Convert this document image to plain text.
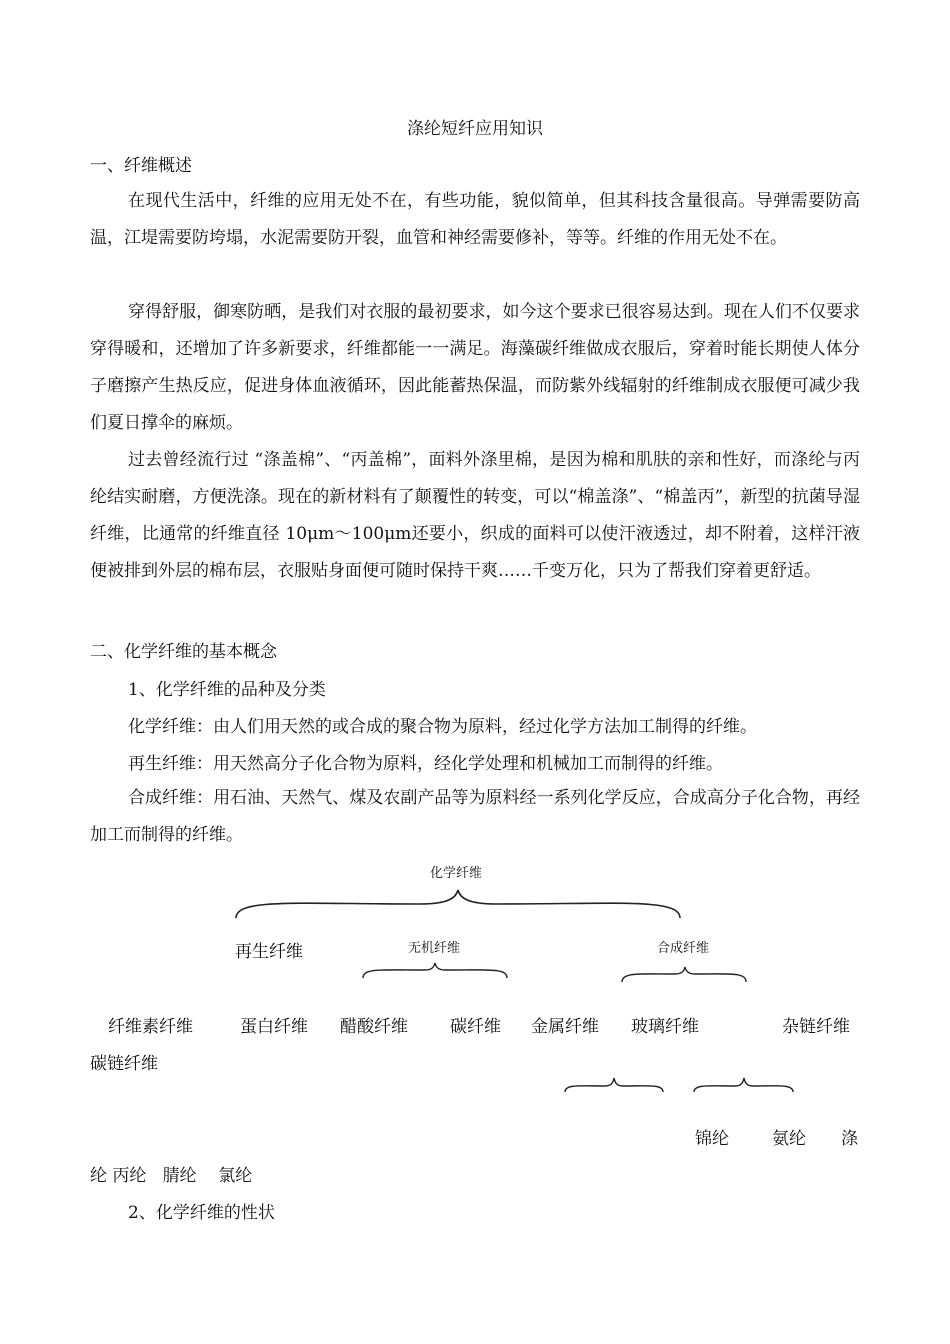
涤纶短纤应用知识
一、纤维概述

在现代生活中，纤维的应用无处不在，有些功能，貌似简单，但其科技含量很高。导弹需要防高温，江堤需要防垮塌，水泥需要防开裂，血管和神经需要修补，等等。纤维的作用无处不在。

穿得舒服，御寒防晒，是我们对衣服的最初要求，如今这个要求已很容易达到。现在人们不仅要求穿得暖和，还增加了许多新要求，纤维都能一一满足。海藻碳纤维做成衣服后，穿着时能长期使人体分子磨擦产生热反应，促进身体血液循环，因此能蓄热保温，而防紫外线辐射的纤维制成衣服便可减少我们夏日撑伞的麻烦。

过去曾经流行过 “涤盖棉”、“丙盖棉”，面料外涤里棉，是因为棉和肌肤的亲和性好，而涤纶与丙纶结实耐磨，方便洗涤。现在的新材料有了颠覆性的转变，可以“棉盖涤”、“棉盖丙”，新型的抗菌导湿纤维，比通常的纤维直径 10μm～100μm还要小，织成的面料可以使汗液透过，却不附着，这样汗液便被排到外层的棉布层，衣服贴身面便可随时保持干爽……千变万化，只为了帮我们穿着更舒适。

二、化学纤维的基本概念
1、化学纤维的品种及分类
化学纤维：由人们用天然的或合成的聚合物为原料，经过化学方法加工制得的纤维。
再生纤维：用天然高分子化合物为原料，经化学处理和机械加工而制得的纤维。

合成纤维：用石油、天然气、煤及农副产品等为原料经一系列化学反应，合成高分子化合物，再经加工而制得的纤维。

化学纤维
再生纤维	无机纤维	合成纤维
纤维素纤维	蛋白纤维 醋酸纤维 碳纤维 金属纤维 玻璃纤维	杂链纤维
碳链纤维
锦纶	氨纶 涤
纶 丙纶   腈纶    氯纶
2、化学纤维的性状
